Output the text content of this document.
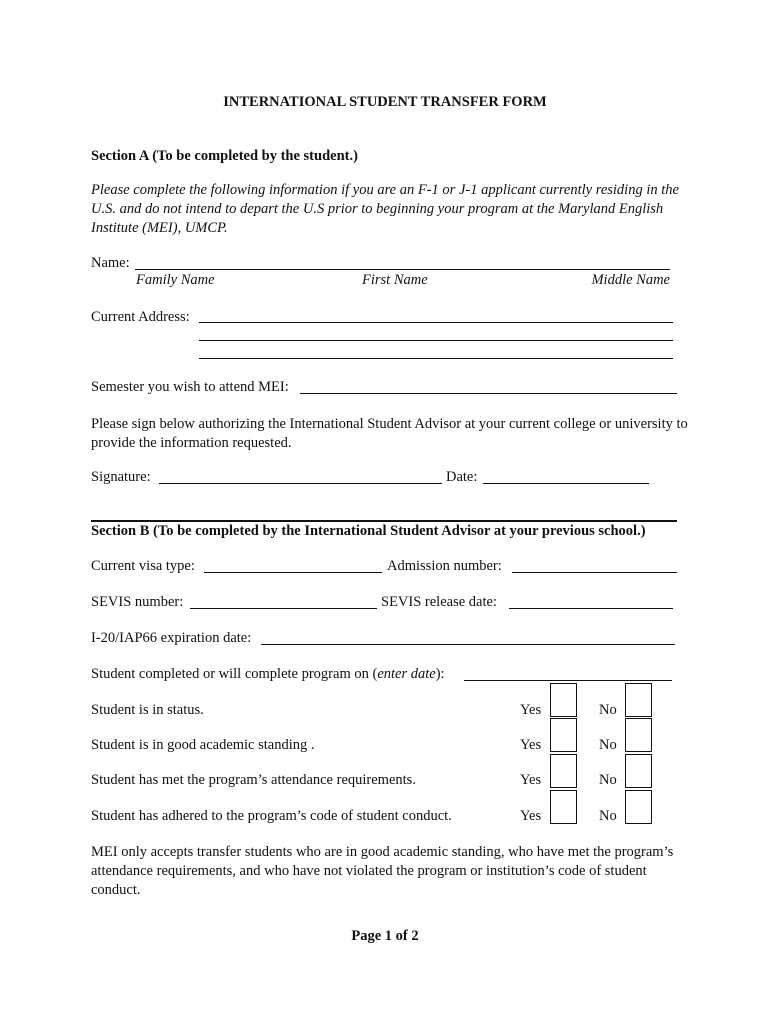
INTERNATIONAL STUDENT TRANSFER FORM
Section A (To be completed by the student.)
Please complete the following information if you are an F-1 or J-1 applicant currently residing in the U.S. and do not intend to depart the U.S prior to beginning your program at the Maryland English Institute (MEI), UMCP.
Name:
Family Name	First Name	Middle Name
Current Address:
Semester you wish to attend MEI:
Please sign below authorizing the International Student Advisor at your current college or university to provide the information requested.
Signature:	Date:
Section B (To be completed by the International Student Advisor at your previous school.)
Current visa type:	Admission number:
SEVIS number:	SEVIS release date:
I-20/IAP66 expiration date:
Student completed or will complete program on (enter date):
Student is in status.	Yes	No
Student is in good academic standing .	Yes	No
Student has met the program’s attendance requirements.	Yes	No
Student has adhered to the program’s code of student conduct.	Yes	No
MEI only accepts transfer students who are in good academic standing, who have met the program’s attendance requirements, and who have not violated the program or institution’s code of student conduct.
Page 1 of 2
